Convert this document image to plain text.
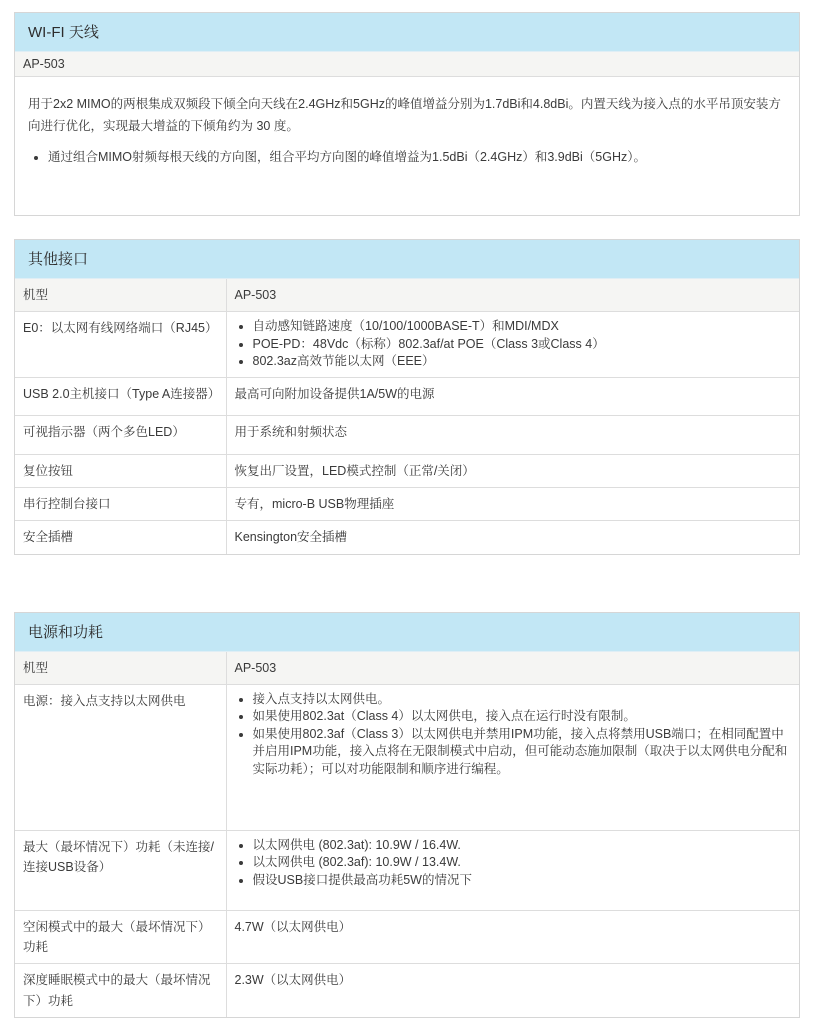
WI-FI 天线
AP-503

用于2x2 MIMO的两根集成双频段下倾全向天线在2.4GHz和5GHz的峰值增益分别为1.7dBi和4.8dBi。内置天线为接入点的水平吊顶安装方向进行优化，实现最大增益的下倾角约为 30 度。

• 通过组合MIMO射频每根天线的方向图，组合平均方向图的峰值增益为1.5dBi（2.4GHz）和3.9dBi（5GHz）。
其他接口
机型	AP-503
E0：以太网有线网络端口（RJ45）	
•自动感知链路速度（10/100/1000BASE-T）和MDI/MDX
• POE-PD：48Vdc（标称）802.3af/at POE（Class 3或Class 4）
• 802.3az高效节能以太网（EEE）

USB 2.0主机接口（Type A连接器）	最高可向附加设备提供1A/5W的电源
可视指示器（两个多色LED）	用于系统和射频状态
复位按钮	恢复出厂设置，LED模式控制（正常/关闭）
串行控制台接口	专有，micro-B USB物理插座
安全插槽	Kensington安全插槽
电源和功耗
机型	AP-503
电源：接入点支持以太网供电	
•接入点支持以太网供电。
• 如果使用802.3at（Class 4）以太网供电，接入点在运行时没有限制。
• 如果使用802.3af（Class 3）以太网供电并禁用IPM功能，接入点将禁用USB端口；在相同配置中并启用IPM功能，接入点将在无限制模式中启动，但可能动态施加限制（取决于以太网供电分配和实际功耗）；可以对功能限制和顺序进行编程。

最大（最坏情况下）功耗（未连接/连接USB设备）	
• 以太网供电 (802.3at): 10.9W / 16.4W.
• 以太网供电 (802.3af): 10.9W / 13.4W.
• 假设USB接口提供最高功耗5W的情况下

空闲模式中的最大（最坏情况下）功耗	4.7W（以太网供电）
深度睡眠模式中的最大（最坏情况下）功耗	2.3W（以太网供电）
